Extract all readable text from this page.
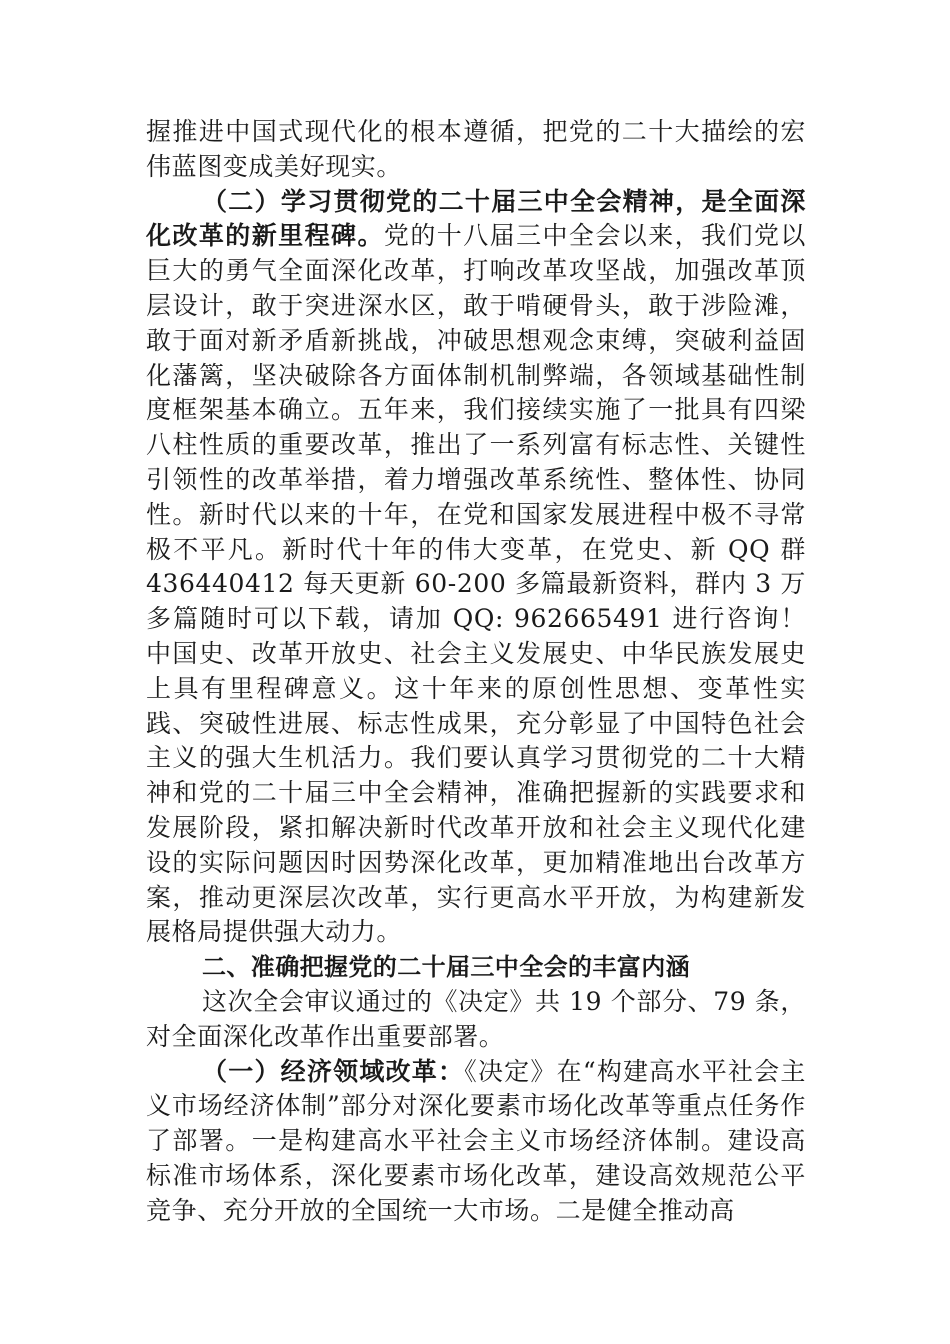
握推进中国式现代化的根本遵循，把党的二十大描绘的宏伟蓝图变成美好现实。

（二）学习贯彻党的二十届三中全会精神，是全面深化改革的新里程碑。党的十八届三中全会以来，我们党以巨大的勇气全面深化改革，打响改革攻坚战，加强改革顶层设计，敢于突进深水区，敢于啃硬骨头，敢于涉险滩，敢于面对新矛盾新挑战，冲破思想观念束缚，突破利益固化藩篱，坚决破除各方面体制机制弊端，各领域基础性制度框架基本确立。五年来，我们接续实施了一批具有四梁八柱性质的重要改革，推出了一系列富有标志性、关键性引领性的改革举措，着力增强改革系统性、整体性、协同性。新时代以来的十年，在党和国家发展进程中极不寻常极不平凡。新时代十年的伟大变革，在党史、新 QQ 群 436440412 每天更新 60-200 多篇最新资料，群内 3 万多篇随时可以下载，请加 QQ: 962665491 进行咨询！中国史、改革开放史、社会主义发展史、中华民族发展史上具有里程碑意义。这十年来的原创性思想、变革性实践、突破性进展、标志性成果，充分彰显了中国特色社会主义的强大生机活力。我们要认真学习贯彻党的二十大精神和党的二十届三中全会精神，准确把握新的实践要求和发展阶段，紧扣解决新时代改革开放和社会主义现代化建设的实际问题因时因势深化改革，更加精准地出台改革方案，推动更深层次改革，实行更高水平开放，为构建新发展格局提供强大动力。

二、准确把握党的二十届三中全会的丰富内涵

这次全会审议通过的《决定》共 19 个部分、79 条，对全面深化改革作出重要部署。

（一）经济领域改革：《决定》在“构建高水平社会主义市场经济体制”部分对深化要素市场化改革等重点任务作了部署。一是构建高水平社会主义市场经济体制。建设高标准市场体系，深化要素市场化改革，建设高效规范公平竞争、充分开放的全国统一大市场。二是健全推动高
